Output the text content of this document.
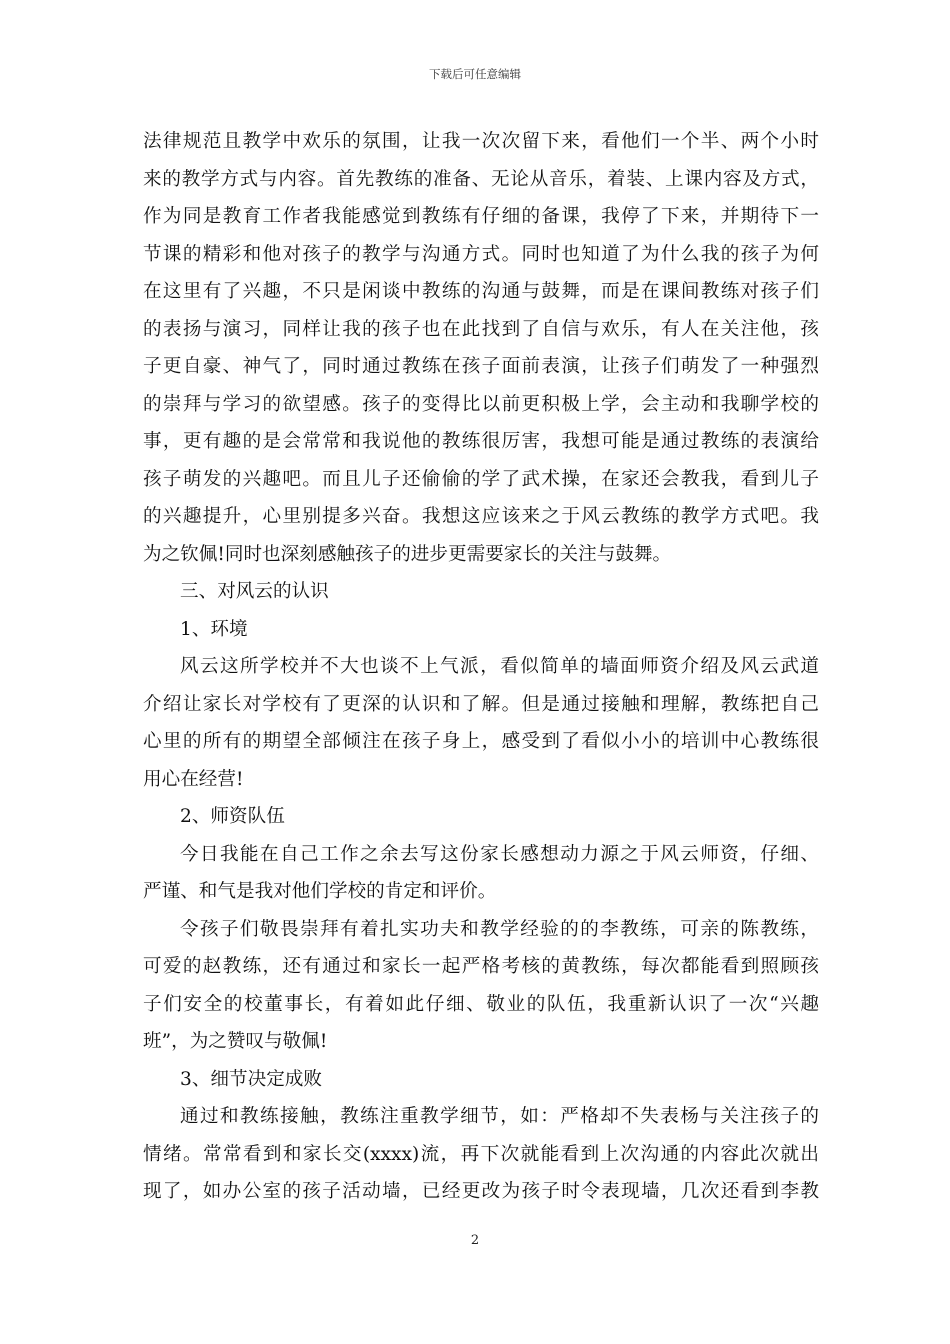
下载后可任意编辑
法律规范且教学中欢乐的氛围，让我一次次留下来，看他们一个半、两个小时
来的教学方式与内容。首先教练的准备、无论从音乐，着装、上课内容及方式，
作为同是教育工作者我能感觉到教练有仔细的备课，我停了下来，并期待下一
节课的精彩和他对孩子的教学与沟通方式。同时也知道了为什么我的孩子为何
在这里有了兴趣，不只是闲谈中教练的沟通与鼓舞，而是在课间教练对孩子们
的表扬与演习，同样让我的孩子也在此找到了自信与欢乐，有人在关注他，孩
子更自豪、神气了，同时通过教练在孩子面前表演，让孩子们萌发了一种强烈
的崇拜与学习的欲望感。孩子的变得比以前更积极上学，会主动和我聊学校的
事，更有趣的是会常常和我说他的教练很厉害，我想可能是通过教练的表演给
孩子萌发的兴趣吧。而且儿子还偷偷的学了武术操，在家还会教我，看到儿子
的兴趣提升，心里别提多兴奋。我想这应该来之于风云教练的教学方式吧。我
为之钦佩!同时也深刻感触孩子的进步更需要家长的关注与鼓舞。
三、对风云的认识
1、环境
风云这所学校并不大也谈不上气派，看似简单的墙面师资介绍及风云武道
介绍让家长对学校有了更深的认识和了解。但是通过接触和理解，教练把自己
心里的所有的期望全部倾注在孩子身上，感受到了看似小小的培训中心教练很
用心在经营!
2、师资队伍
今日我能在自己工作之余去写这份家长感想动力源之于风云师资，仔细、
严谨、和气是我对他们学校的肯定和评价。
令孩子们敬畏崇拜有着扎实功夫和教学经验的的李教练，可亲的陈教练，
可爱的赵教练，还有通过和家长一起严格考核的黄教练，每次都能看到照顾孩
子们安全的校董事长，有着如此仔细、敬业的队伍，我重新认识了一次“兴趣
班”，为之赞叹与敬佩!
3、细节决定成败
通过和教练接触，教练注重教学细节，如：严格却不失表杨与关注孩子的
情绪。常常看到和家长交(xxxx)流，再下次就能看到上次沟通的内容此次就出
现了，如办公室的孩子活动墙，已经更改为孩子时令表现墙，几次还看到李教
2
